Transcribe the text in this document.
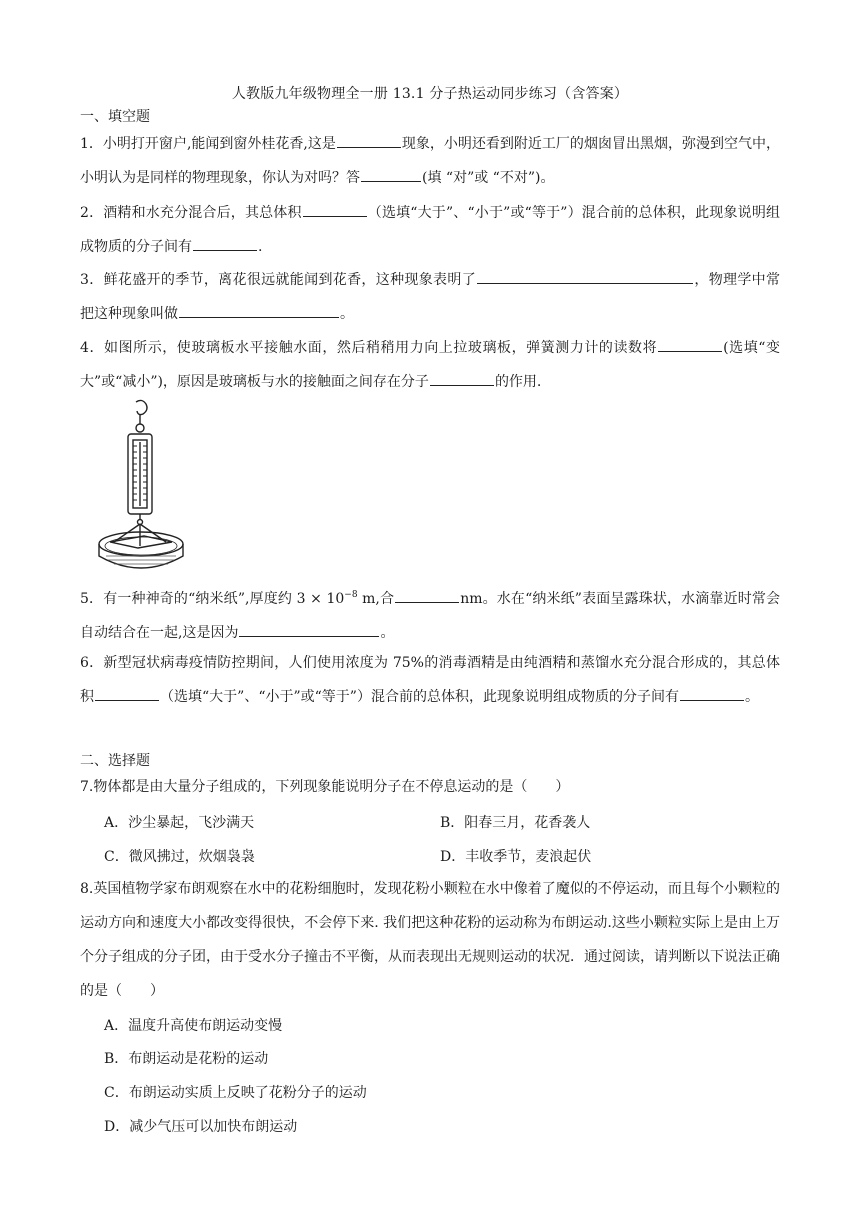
人教版九年级物理全一册 13.1 分子热运动同步练习（含答案）
一、填空题
1．小明打开窗户,能闻到窗外桂花香,这是	现象，小明还看到附近工厂的烟囱冒出黑烟，弥漫到空气中，小明认为是同样的物理现象，你认为对吗？答	(填 “对”或 “不对”)。
2．酒精和水充分混合后，其总体积	（选填“大于”、“小于”或“等于”）混合前的总体积，此现象说明组成物质的分子间有	.
3．鲜花盛开的季节，离花很远就能闻到花香，这种现象表明了	，物理学中常把这种现象叫做	。
4．如图所示，使玻璃板水平接触水面，然后稍稍用力向上拉玻璃板，弹簧测力计的读数将	(选填“变大”或“减小”)，原因是玻璃板与水的接触面之间存在分子	的作用.
5．有一种神奇的“纳米纸”,厚度约 $3 \times 10^{-8}$ m,合	nm。水在“纳米纸”表面呈露珠状，水滴靠近时常会自动结合在一起,这是因为	。
6．新型冠状病毒疫情防控期间，人们使用浓度为 75%的消毒酒精是由纯酒精和蒸馏水充分混合形成的，其总体积	（选填“大于”、“小于”或“等于”）混合前的总体积，此现象说明组成物质的分子间有	。
二、选择题
7.物体都是由大量分子组成的，下列现象能说明分子在不停息运动的是（　　）
A．沙尘暴起，飞沙满天	B．阳春三月，花香袭人
C．微风拂过，炊烟袅袅	D．丰收季节，麦浪起伏
8.英国植物学家布朗观察在水中的花粉细胞时，发现花粉小颗粒在水中像着了魔似的不停运动，而且每个小颗粒的运动方向和速度大小都改变得很快，不会停下来. 我们把这种花粉的运动称为布朗运动.这些小颗粒实际上是由上万个分子组成的分子团，由于受水分子撞击不平衡，从而表现出无规则运动的状况．通过阅读，请判断以下说法正确的是（　　）
A．温度升高使布朗运动变慢
B．布朗运动是花粉的运动
C．布朗运动实质上反映了花粉分子的运动
D．减少气压可以加快布朗运动
